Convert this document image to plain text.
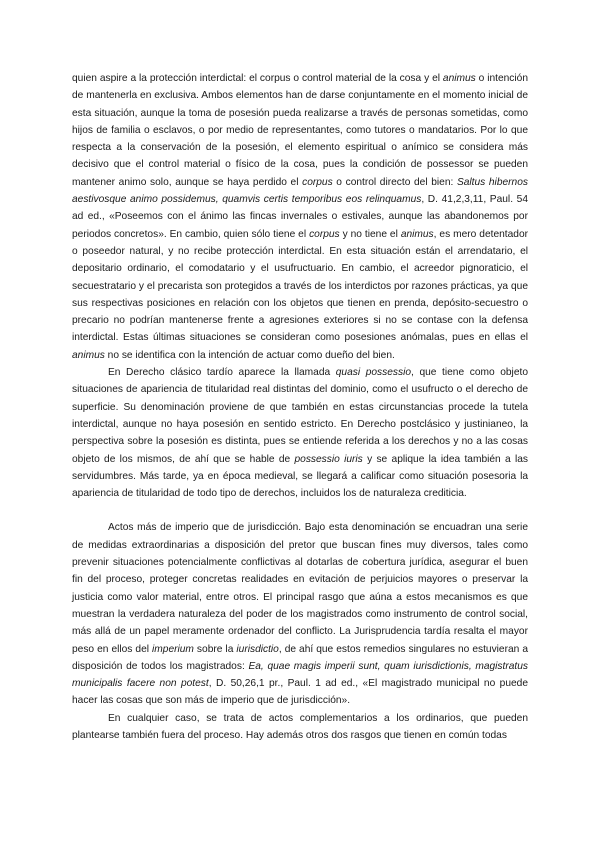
quien aspire a la protección interdictal: el corpus o control material de la cosa y el animus o intención de mantenerla en exclusiva. Ambos elementos han de darse conjuntamente en el momento inicial de esta situación, aunque la toma de posesión pueda realizarse a través de personas sometidas, como hijos de familia o esclavos, o por medio de representantes, como tutores o mandatarios. Por lo que respecta a la conservación de la posesión, el elemento espiritual o anímico se considera más decisivo que el control material o físico de la cosa, pues la condición de possessor se pueden mantener animo solo, aunque se haya perdido el corpus o control directo del bien: Saltus hibernos aestivosque animo possidemus, quamvis certis temporibus eos relinquamus, D. 41,2,3,11, Paul. 54 ad ed., «Poseemos con el ánimo las fincas invernales o estivales, aunque las abandonemos por periodos concretos». En cambio, quien sólo tiene el corpus y no tiene el animus, es mero detentador o poseedor natural, y no recibe protección interdictal. En esta situación están el arrendatario, el depositario ordinario, el comodatario y el usufructuario. En cambio, el acreedor pignoraticio, el secuestratario y el precarista son protegidos a través de los interdictos por razones prácticas, ya que sus respectivas posiciones en relación con los objetos que tienen en prenda, depósito-secuestro o precario no podrían mantenerse frente a agresiones exteriores si no se contase con la defensa interdictal. Estas últimas situaciones se consideran como posesiones anómalas, pues en ellas el animus no se identifica con la intención de actuar como dueño del bien.

En Derecho clásico tardío aparece la llamada quasi possessio, que tiene como objeto situaciones de apariencia de titularidad real distintas del dominio, como el usufructo o el derecho de superficie. Su denominación proviene de que también en estas circunstancias procede la tutela interdictal, aunque no haya posesión en sentido estricto. En Derecho postclásico y justinianeo, la perspectiva sobre la posesión es distinta, pues se entiende referida a los derechos y no a las cosas objeto de los mismos, de ahí que se hable de possessio iuris y se aplique la idea también a las servidumbres. Más tarde, ya en época medieval, se llegará a calificar como situación posesoria la apariencia de titularidad de todo tipo de derechos, incluidos los de naturaleza crediticia.

Actos más de imperio que de jurisdicción. Bajo esta denominación se encuadran una serie de medidas extraordinarias a disposición del pretor que buscan fines muy diversos, tales como prevenir situaciones potencialmente conflictivas al dotarlas de cobertura jurídica, asegurar el buen fin del proceso, proteger concretas realidades en evitación de perjuicios mayores o preservar la justicia como valor material, entre otros. El principal rasgo que aúna a estos mecanismos es que muestran la verdadera naturaleza del poder de los magistrados como instrumento de control social, más allá de un papel meramente ordenador del conflicto. La Jurisprudencia tardía resalta el mayor peso en ellos del imperium sobre la iurisdictio, de ahí que estos remedios singulares no estuvieran a disposición de todos los magistrados: Ea, quae magis imperii sunt, quam iurisdictionis, magistratus municipalis facere non potest, D. 50,26,1 pr., Paul. 1 ad ed., «El magistrado municipal no puede hacer las cosas que son más de imperio que de jurisdicción».

En cualquier caso, se trata de actos complementarios a los ordinarios, que pueden plantearse también fuera del proceso. Hay además otros dos rasgos que tienen en común todas
